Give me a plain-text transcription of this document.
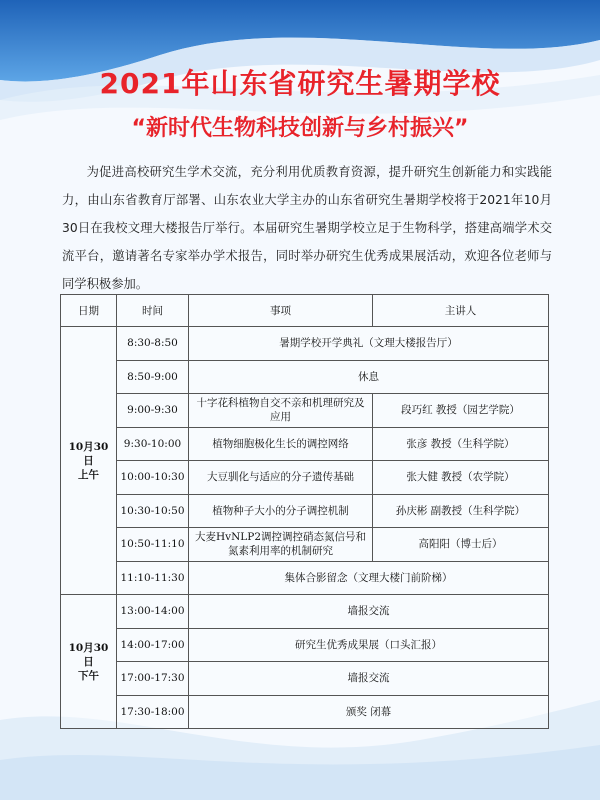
2021年山东省研究生暑期学校
“新时代生物科技创新与乡村振兴”
为促进高校研究生学术交流，充分利用优质教育资源，提升研究生创新能力和实践能力，由山东省教育厅部署、山东农业大学主办的山东省研究生暑期学校将于2021年10月30日在我校文理大楼报告厅举行。本届研究生暑期学校立足于生物科学，搭建高端学术交流平台，邀请著名专家举办学术报告，同时举办研究生优秀成果展活动，欢迎各位老师与同学积极参加。
日期	时间	事项	主讲人

10月30日
上午	8:30-8:50	暑期学校开学典礼（文理大楼报告厅）	
	8:50-9:00	休息	
	9:00-9:30	十字花科植物自交不亲和机理研究及应用	段巧红 教授（园艺学院）
	9:30-10:00	植物细胞极化生长的调控网络	张彦 教授（生科学院）
	10:00-10:30	大豆驯化与适应的分子遗传基础	张大健 教授（农学院）
	10:30-10:50	植物种子大小的分子调控机制	孙庆彬 副教授（生科学院）
	10:50-11:10	大麦HvNLP2调控调控硝态氮信号和氮素利用率的机制研究	高阳阳（博士后）
	11:10-11:30	集体合影留念（文理大楼门前阶梯）	

10月30日
下午	13:00-14:00	墙报交流	
	14:00-17:00	研究生优秀成果展（口头汇报）	
	17:00-17:30	墙报交流	
	17:30-18:00	颁奖 闭幕	
